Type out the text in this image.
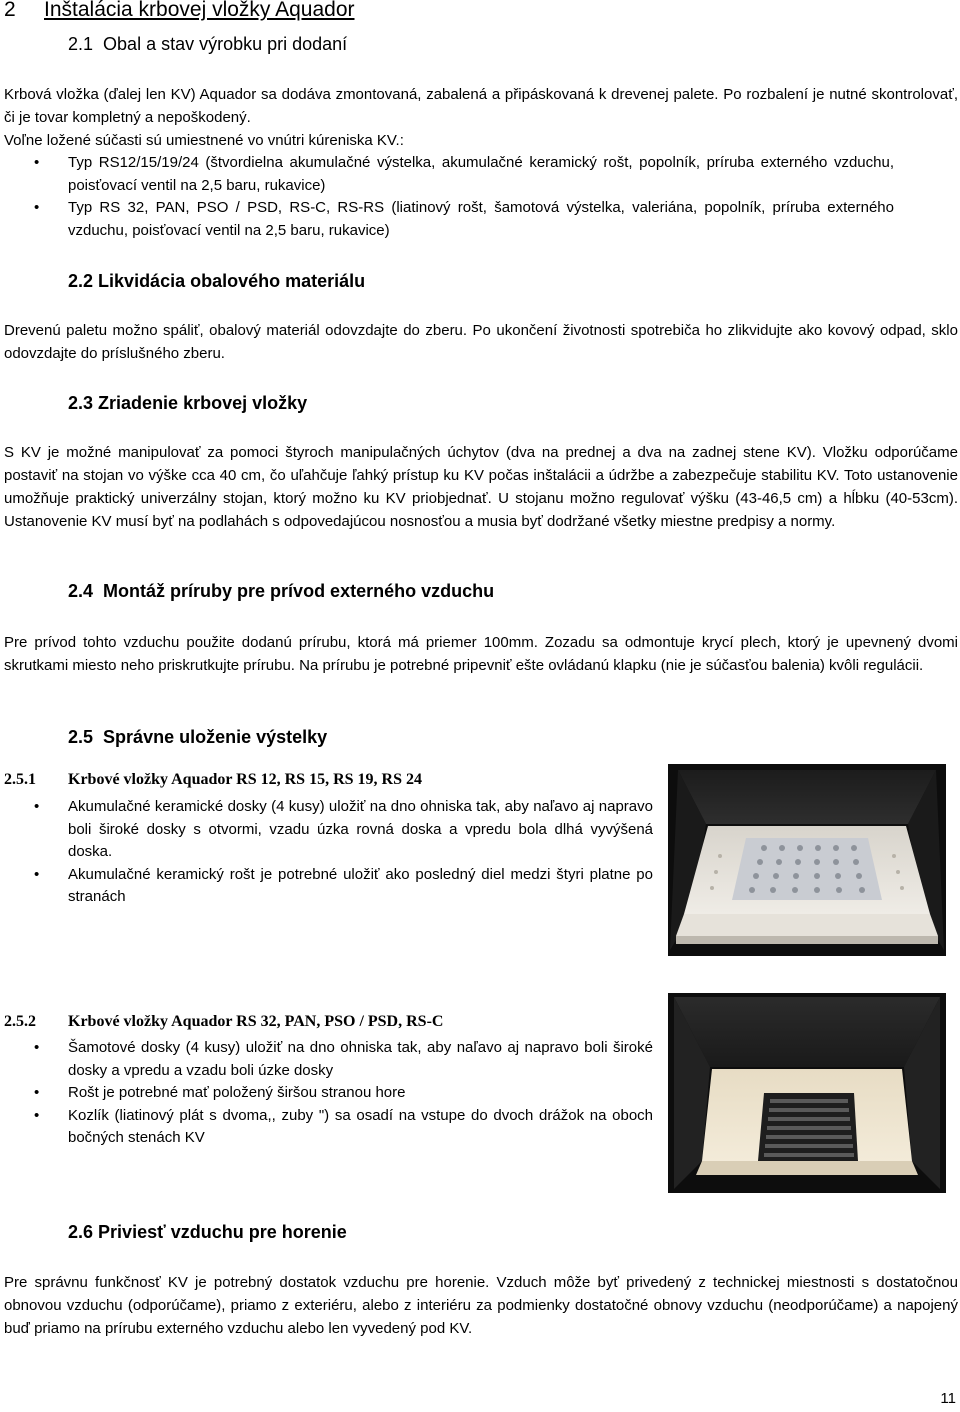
2 Inštalácia krbovej vložky Aquador
2.1 Obal a stav výrobku pri dodaní
Krbová vložka (ďalej len KV) Aquador sa dodáva zmontovaná, zabalená a připáskovaná k drevenej palete. Po rozbalení je nutné skontrolovať, či je tovar kompletný a nepoškodený.
Voľne ložené súčasti sú umiestnené vo vnútri kúreniska KV.:
• Typ RS12/15/19/24 (štvordielna akumulačné výstelka, akumulačné keramický rošt, popolník, príruba externého vzduchu, poisťovací ventil na 2,5 baru, rukavice)
• Typ RS 32, PAN, PSO / PSD, RS-C, RS-RS (liatinový rošt, šamotová výstelka, valeriána, popolník, príruba externého vzduchu, poisťovací ventil na 2,5 baru, rukavice)
2.2 Likvidácia obalového materiálu
Drevenú paletu možno spáliť, obalový materiál odovzdajte do zberu. Po ukončení životnosti spotrebiča ho zlikvidujte ako kovový odpad, sklo odovzdajte do príslušného zberu.
2.3 Zriadenie krbovej vložky
S KV je možné manipulovať za pomoci štyroch manipulačných úchytov (dva na prednej a dva na zadnej stene KV). Vložku odporúčame postaviť na stojan vo výške cca 40 cm, čo uľahčuje ľahký prístup ku KV počas inštalácii a údržbe a zabezpečuje stabilitu KV. Toto ustanovenie umožňuje praktický univerzálny stojan, ktorý možno ku KV priobjednať. U stojanu možno regulovať výšku (43-46,5 cm) a hĺbku (40-53cm). Ustanovenie KV musí byť na podlahách s odpovedajúcou nosnosťou a musia byť dodržané všetky miestne predpisy a normy.
2.4 Montáž príruby pre prívod externého vzduchu
Pre prívod tohto vzduchu použite dodanú prírubu, ktorá má priemer 100mm. Zozadu sa odmontuje krycí plech, ktorý je upevnený dvomi skrutkami miesto neho priskrutkujte prírubu. Na prírubu je potrebné pripevniť ešte ovládanú klapku (nie je súčasťou balenia) kvôli regulácii.
2.5 Správne uloženie výstelky
2.5.1 Krbové vložky Aquador RS 12, RS 15, RS 19, RS 24
• Akumulačné keramické dosky (4 kusy) uložiť na dno ohniska tak, aby naľavo aj napravo boli široké dosky s otvormi, vzadu úzka rovná doska a vpredu bola dlhá vyvýšená doska.
• Akumulačné keramický rošt je potrebné uložiť ako posledný diel medzi štyri platne po stranách
2.5.2 Krbové vložky Aquador RS 32, PAN, PSO / PSD, RS-C
• Šamotové dosky (4 kusy) uložiť na dno ohniska tak, aby naľavo aj napravo boli široké dosky a vpredu a vzadu boli úzke dosky
• Rošt je potrebné mať položený širšou stranou hore
• Kozlík (liatinový plát s dvoma,, zuby ") sa osadí na vstupe do dvoch drážok na oboch bočných stenách KV
2.6 Priviesť vzduchu pre horenie
Pre správnu funkčnosť KV je potrebný dostatok vzduchu pre horenie. Vzduch môže byť privedený z technickej miestnosti s dostatočnou obnovou vzduchu (odporúčame), priamo z exteriéru, alebo z interiéru za podmienky dostatočné obnovy vzduchu (neodporúčame) a napojený buď priamo na prírubu externého vzduchu alebo len vyvedený pod KV.
11
